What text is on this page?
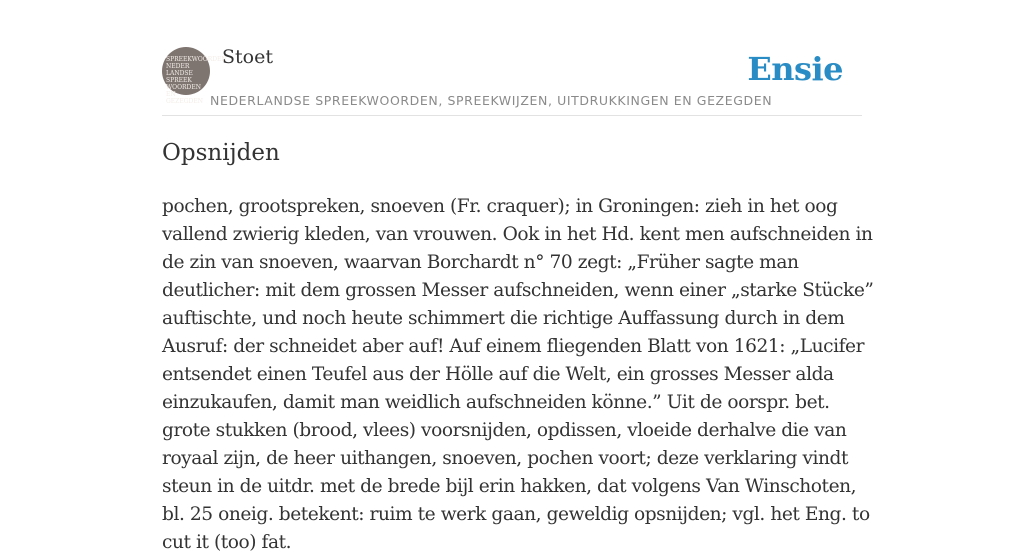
SPREEKWOORDEN
NEDER
LANDSE
SPREEK
WOORDEN EN
GEZEGDEN
Stoet
NEDERLANDSE SPREEKWOORDEN, SPREEKWIJZEN, UITDRUKKINGEN EN GEZEGDEN
Ensie
Opsnijden

pochen, grootspreken, snoeven (Fr. craquer); in Groningen: zieh in het oog vallend zwierig kleden, van vrouwen. Ook in het Hd. kent men aufschneiden in de zin van snoeven, waarvan Borchardt n° 70 zegt: „Früher sagte man deutlicher: mit dem grossen Messer aufschneiden, wenn einer „starke Stücke” auftischte, und noch heute schimmert die richtige Auffassung durch in dem Ausruf: der schneidet aber auf! Auf einem fliegenden Blatt von 1621: „Lucifer entsendet einen Teufel aus der Hölle auf die Welt, ein grosses Messer alda einzukaufen, damit man weidlich aufschneiden könne.” Uit de oorspr. bet. grote stukken (brood, vlees) voorsnijden, opdissen, vloeide derhalve die van royaal zijn, de heer uithangen, snoeven, pochen voort; deze verklaring vindt steun in de uitdr. met de brede bijl erin hakken, dat volgens Van Winschoten, bl. 25 oneig. betekent: ruim te werk gaan, geweldig opsnijden; vgl. het Eng. to cut it (too) fat.
